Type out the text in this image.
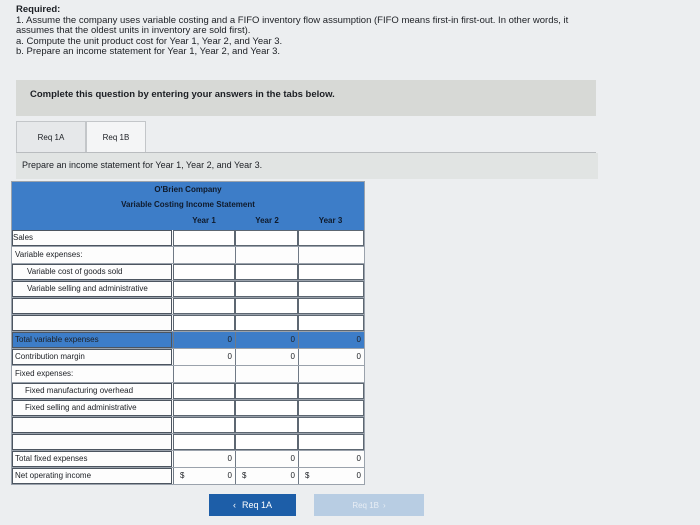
Required:
1. Assume the company uses variable costing and a FIFO inventory flow assumption (FIFO means first-in first-out. In other words, it
assumes that the oldest units in inventory are sold first).
a. Compute the unit product cost for Year 1, Year 2, and Year 3.
b. Prepare an income statement for Year 1, Year 2, and Year 3.
Complete this question by entering your answers in the tabs below.
Req 1A	Req 1B
Prepare an income statement for Year 1, Year 2, and Year 3.
O'Brien Company
Variable Costing Income Statement
Year 1	Year 2	Year 3
Sales
Variable expenses:
Variable cost of goods sold
Variable selling and administrative
Total variable expenses	0	0	0
Contribution margin	0	0	0
Fixed expenses:
Fixed manufacturing overhead
Fixed selling and administrative
Total fixed expenses	0	0	0
Net operating income	$	0 $	0 $	0
‹ Req 1A	Req 1B ›
